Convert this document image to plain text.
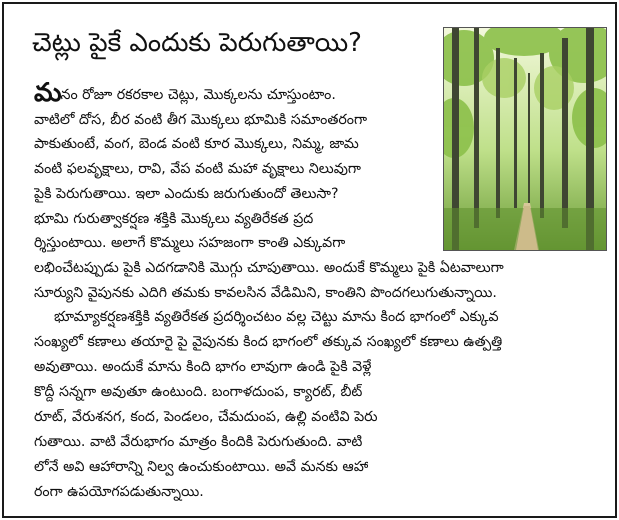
చెట్లు పైకే ఎందుకు పెరుగుతాయి?
మనం రోజూ రకరకాల చెట్లు, మొక్కలను చూస్తుంటాం.
వాటిలో దోస, బీర వంటి తీగ మొక్కలు భూమికి సమాంతరంగా
పాకుతుంటే, వంగ, బెండ వంటి కూర మొక్కలు, నిమ్మ, జామ
వంటి ఫలవృక్షాలు, రావి, వేప వంటి మహా వృక్షాలు నిలువుగా
పైకి పెరుగుతాయి. ఇలా ఎందుకు జరుగుతుందో తెలుసా?
భూమి గురుత్వాకర్షణ శక్తికి మొక్కలు వ్యతిరేకత ప్రద
ర్శిస్తుంటాయి. అలాగే కొమ్మలు సహజంగా కాంతి ఎక్కువగా
లభించేటప్పుడు పైకి ఎదగడానికి మొగ్గు చూపుతాయి. అందుకే కొమ్మలు పైకి ఏటవాలుగా
సూర్యుని వైపునకు ఎదిగి తమకు కావలసిన వేడిమిని, కాంతిని పొందగలుగుతున్నాయి.
భూమ్యాకర్షణశక్తికి వ్యతిరేకత ప్రదర్శించటం వల్ల చెట్టు మాను కింద భాగంలో ఎక్కువ
సంఖ్యలో కణాలు తయారై పై వైపునకు కింద భాగంలో తక్కువ సంఖ్యలో కణాలు ఉత్పత్తి
అవుతాయి. అందుకే మాను కింది భాగం లావుగా ఉండి పైకి వెళ్లే
కొద్దీ సన్నగా అవుతూ ఉంటుంది. బంగాళదుంప, క్యారట్, బీట్
రూట్, వేరుశనగ, కంద, పెండలం, చేమదుంప, ఉల్లి వంటివి పెరు
గుతాయి. వాటి వేరుభాగం మాత్రం కిందికి పెరుగుతుంది. వాటి
లోనే అవి ఆహారాన్ని నిల్వ ఉంచుకుంటాయి. అవే మనకు ఆహా
రంగా ఉపయోగపడుతున్నాయి.
